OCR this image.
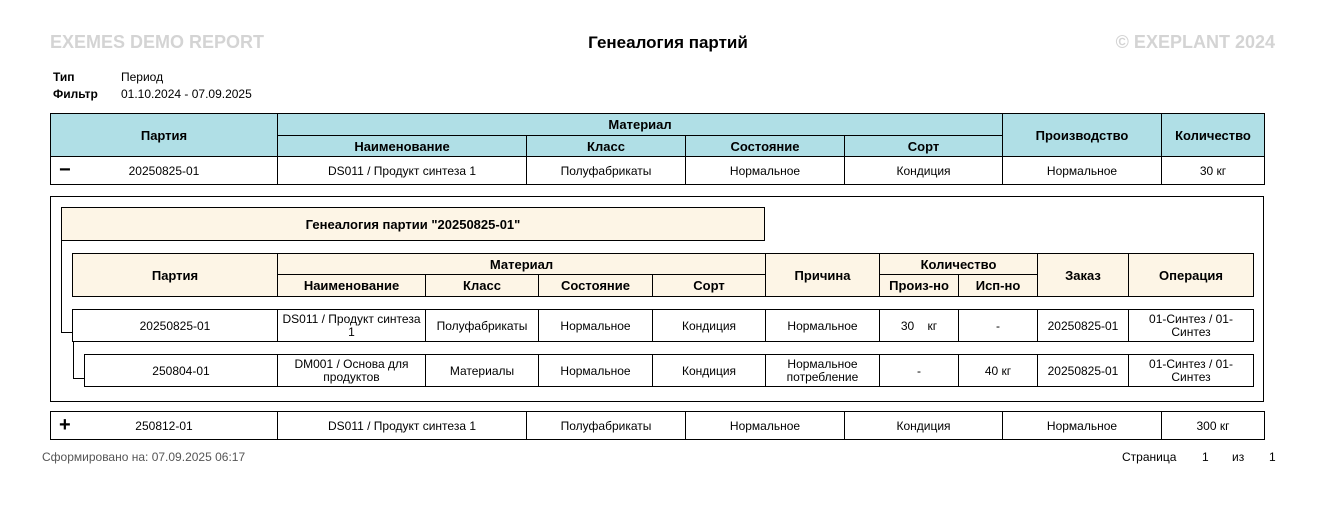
EXEMES DEMO REPORT	Генеалогия партий	© EXEPLANT 2024
Тип	Период
Фильтр 01.10.2024 - 07.09.2025
Партия	Материал				Производство	Количество
	Наименование	Класс	Состояние	Сорт		

− 20250825-01	DS011 / Продукт синтеза 1	Полуфабрикаты	Нормальное	Кондиция	Нормальное	30 кг
Генеалогия партии "20250825-01"
Партия	Материал				Причина	Количество		Заказ	Операция
	Наименование	Класс	Состояние	Сорт		Произ-но	Исп-но		
20250825-01	DS011 / Продукт синтеза 1	Полуфабрикаты	Нормальное	Кондиция	Нормальное	30 кг	-	20250825-01	01-Синтез / 01-Синтез
250804-01	DM001 / Основа для продуктов	Материалы	Нормальное	Кондиция	Нормальное потребление	-	40 кг	20250825-01	01-Синтез / 01-Синтез
+	250812-01	DS011 / Продукт синтеза 1	Полуфабрикаты	Нормальное	Кондиция	Нормальное	300 кг
Сформировано на: 07.09.2025 06:17	Страница 1 из 1
